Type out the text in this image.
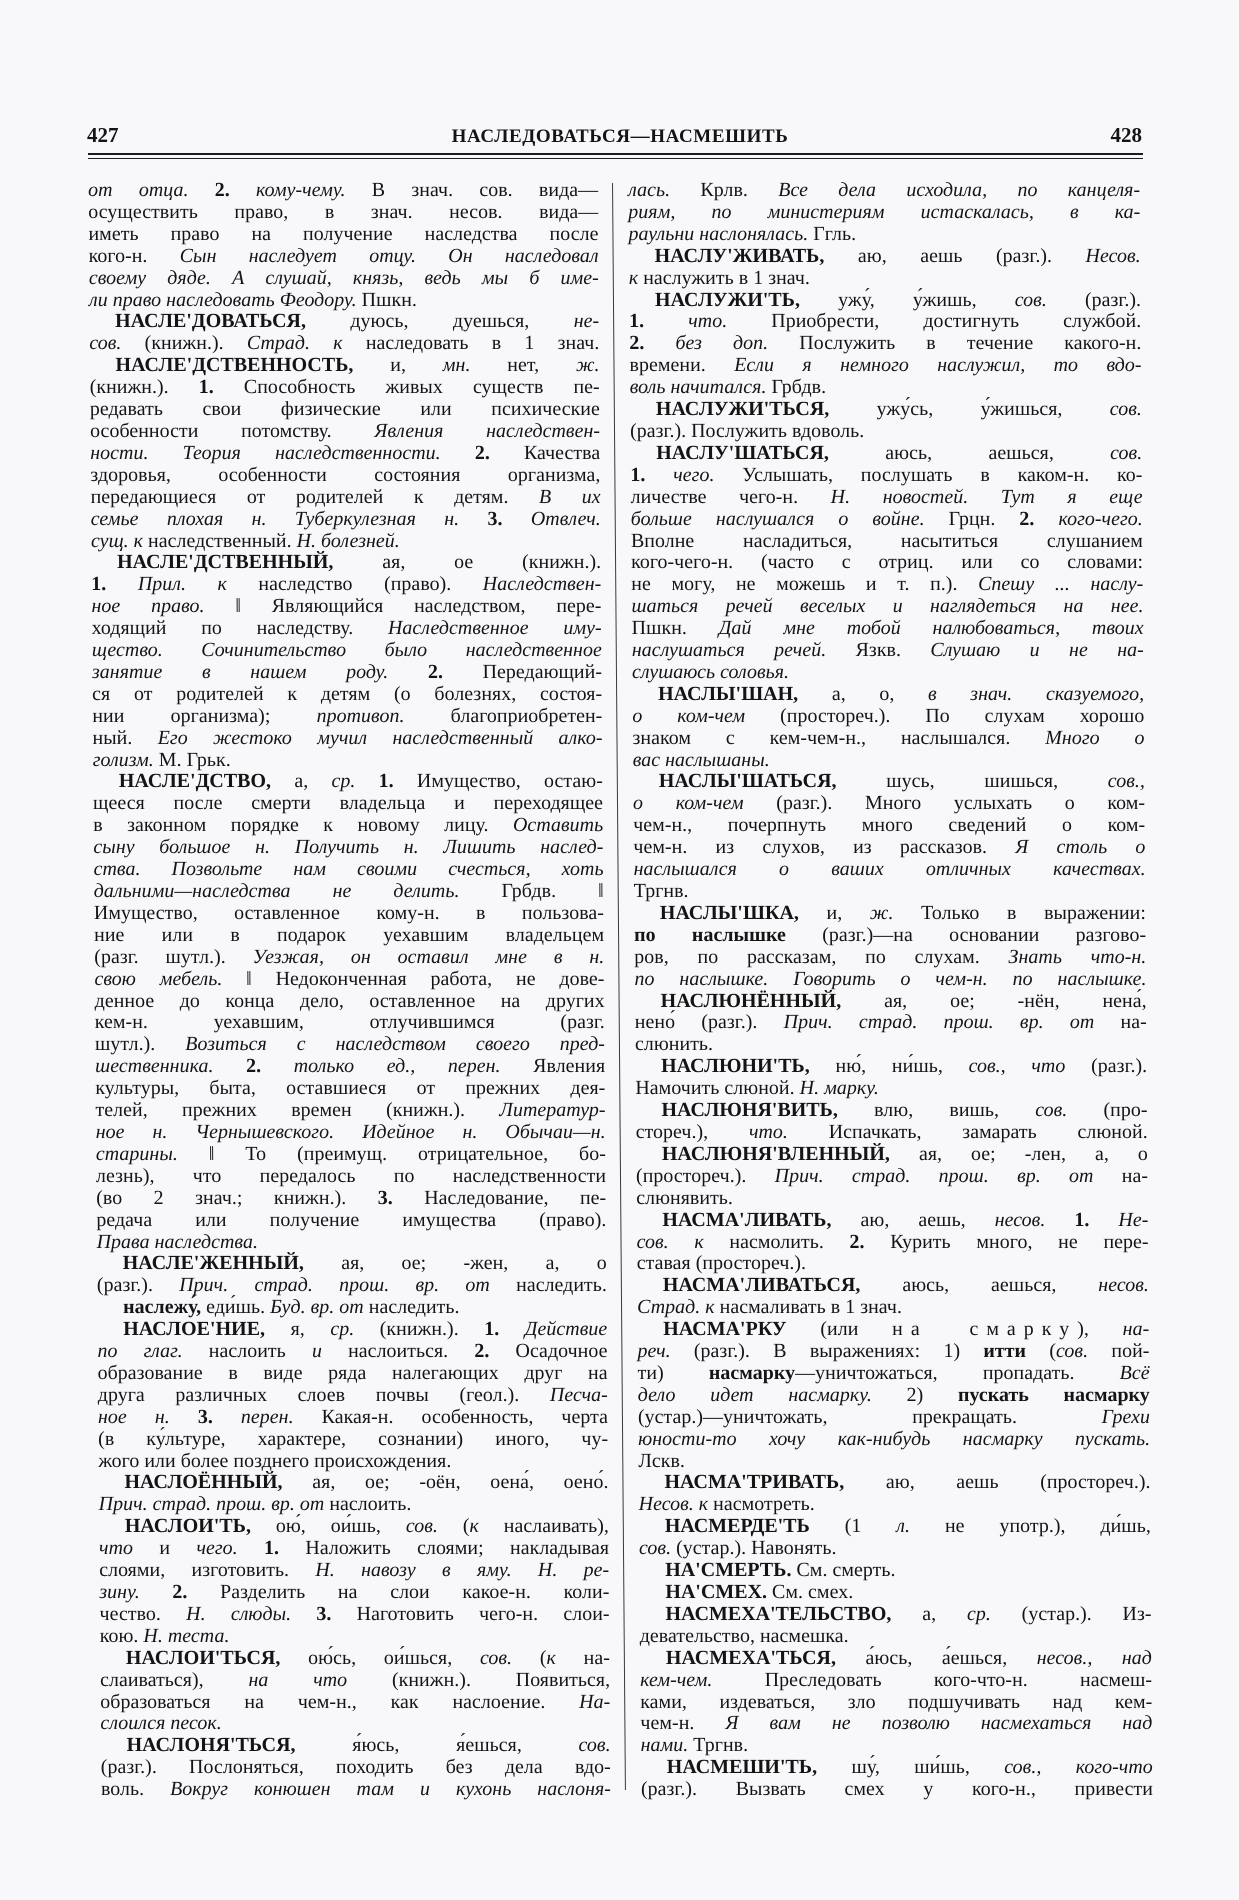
427	НАСЛЕДОВАТЬСЯ—НАСМЕШИТЬ	428
от отца. 2. кому-чему. В знач. сов. вида—
осуществить право, в знач. несов. вида—
иметь право на получение наследства после
кого-н. Сын наследует отцу. Он наследовал
своему дяде. А слушай, князь, ведь мы б име-
ли право наследовать Феодору. Пшкн.
НАСЛЕ'ДОВАТЬСЯ, дуюсь, дуешься, не-
сов. (книжн.). Страд. к наследовать в 1 знач.
НАСЛЕ'ДСТВЕННОСТЬ, и, мн. нет, ж.
(книжн.). 1. Способность живых существ пе-
редавать свои физические или психические
особенности потомству. Явления наследствен-
ности. Теория наследственности. 2. Качества
здоровья, особенности состояния организма,
передающиеся от родителей к детям. В их
семье плохая н. Туберкулезная н. 3. Отвлеч.
сущ. к наследственный. Н. болезней.
НАСЛЕ'ДСТВЕННЫЙ, ая, ое (книжн.).
1. Прил. к наследство (право). Наследствен-
ное право. ‖ Являющийся наследством, пере-
ходящий по наследству. Наследственное иму-
щество. Сочинительство было наследственное
занятие в нашем роду. 2. Передающий-
ся от родителей к детям (о болезнях, состоя-
нии организма); противоп. благоприобретен-
ный. Его жестоко мучил наследственный алко-
голизм. М. Грьк.
НАСЛЕ'ДСТВО, а, ср. 1. Имущество, остаю-
щееся после смерти владельца и переходящее
в законном порядке к новому лицу. Оставить
сыну большое н. Получить н. Лишить наслед-
ства. Позвольте нам своими счесться, хоть
дальними—наследства не делить. Грбдв. ‖
Имущество, оставленное кому-н. в пользова-
ние или в подарок уехавшим владельцем
(разг. шутл.). Уезжая, он оставил мне в н.
свою мебель. ‖ Недоконченная работа, не дове-
денное до конца дело, оставленное на других
кем-н. уехавшим, отлучившимся (разг.
шутл.). Возиться с наследством своего пред-
шественника. 2. только ед., перен. Явления
культуры, быта, оставшиеся от прежних дея-
телей, прежних времен (книжн.). Литератур-
ное н. Чернышевского. Идейное н. Обычаи—н.
старины. ‖ То (преимущ. отрицательное, бо-
лезнь), что передалось по наследственности
(во 2 знач.; книжн.). 3. Наследование, пе-
редача или получение имущества (право).
Права наследства.
НАСЛЕ'ЖЕННЫЙ, ая, ое; -жен, а, о
(разг.). Прич. страд. прош. вр. от наследить.
наслежу́, еди́шь. Буд. вр. от наследить.
НАСЛОЕ'НИЕ, я, ср. (книжн.). 1. Действие
по глаг. наслоить и наслоиться. 2. Осадочное
образование в виде ряда налегающих друг на
друга различных слоев почвы (геол.). Песча-
ное н. 3. перен. Какая-н. особенность, черта
(в ку́льтуре, характере, сознании) иного, чу-
жого или более позднего происхождения.
НАСЛОЁННЫЙ, ая, ое; -оён, оена́, оено́.
Прич. страд. прош. вр. от наслоить.
НАСЛОИ'ТЬ, ою́, ои́шь, сов. (к наслаивать),
что и чего. 1. Наложить слоями; накладывая
слоями, изготовить. Н. навозу в яму. Н. ре-
зину. 2. Разделить на слои какое-н. коли-
чество. Н. слюды. 3. Наготовить чего-н. слои-
кою. Н. теста.
НАСЛОИ'ТЬСЯ, ою́сь, ои́шься, сов. (к на-
слаиваться), на что (книжн.). Появиться,
образоваться на чем-н., как наслоение. На-
слоился песок.
НАСЛОНЯ'ТЬСЯ, я́юсь, я́ешься, сов.
(разг.). Послоняться, походить без дела вдо-
воль. Вокруг конюшен там и кухонь наслоня-
лась. Крлв. Все дела исходила, по канцеля-
риям, по министериям истаскалась, в ка-
раульни наслонялась. Ггль.
НАСЛУ'ЖИВАТЬ, аю, аешь (разг.). Несов.
к наслужить в 1 знач.
НАСЛУЖИ'ТЬ, ужу́, у́жишь, сов. (разг.).
1. что. Приобрести, достигнуть службой.
2. без доп. Послужить в течение какого-н.
времени. Если я немного наслужил, то вдо-
воль начитался. Грбдв.
НАСЛУЖИ'ТЬСЯ, ужу́сь, у́жишься, сов.
(разг.). Послужить вдоволь.
НАСЛУ'ШАТЬСЯ, аюсь, аешься, сов.
1. чего. Услышать, послушать в каком-н. ко-
личестве чего-н. Н. новостей. Тут я еще
больше наслушался о войне. Грцн. 2. кого-чего.
Вполне насладиться, насытиться слушанием
кого-чего-н. (часто с отриц. или со словами:
не могу, не можешь и т. п.). Спешу ... наслу-
шаться речей веселых и наглядеться на нее.
Пшкн. Дай мне тобой налюбоваться, твоих
наслушаться речей. Язкв. Слушаю и не на-
слушаюсь соловья.
НАСЛЫ'ШАН, а, о, в знач. сказуемого,
о ком-чем (простореч.). По слухам хорошо
знаком с кем-чем-н., наслышался. Много о
вас наслышаны.
НАСЛЫ'ШАТЬСЯ, шусь, шишься, сов.,
о ком-чем (разг.). Много услыхать о ком-
чем-н., почерпнуть много сведений о ком-
чем-н. из слухов, из рассказов. Я столь о
наслышался о ваших отличных качествах.
Тргнв.
НАСЛЫ'ШКА, и, ж. Только в выражении:
по наслышке (разг.)—на основании разгово-
ров, по рассказам, по слухам. Знать что-н.
по наслышке. Говорить о чем-н. по наслышке.
НАСЛЮНЁННЫЙ, ая, ое; -нён, нена́,
нено́ (разг.). Прич. страд. прош. вр. от на-
слюнить.
НАСЛЮНИ'ТЬ, ню́, ни́шь, сов., что (разг.).
Намочить слюной. Н. марку.
НАСЛЮНЯ'ВИТЬ, влю, вишь, сов. (про-
стореч.), что. Испачкать, замарать слюной.
НАСЛЮНЯ'ВЛЕННЫЙ, ая, ое; -лен, а, о
(простореч.). Прич. страд. прош. вр. от на-
слюнявить.
НАСМА'ЛИВАТЬ, аю, аешь, несов. 1. Не-
сов. к насмолить. 2. Курить много, не пере-
ставая (простореч.).
НАСМА'ЛИВАТЬСЯ, аюсь, аешься, несов.
Страд. к насмаливать в 1 знач.
НАСМА'РКУ (или на смарку), на-
реч. (разг.). В выражениях: 1) итти (сов. пой-
ти) насмарку—уничтожаться, пропадать. Всё
дело идет насмарку. 2) пускать насмарку
(устар.)—уничтожать, прекращать. Грехи
юности-то хочу как-нибудь насмарку пускать.
Лскв.
НАСМА'ТРИВАТЬ, аю, аешь (простореч.).
Несов. к насмотреть.
НАСМЕРДЕ'ТЬ (1 л. не употр.), ди́шь,
сов. (устар.). Навонять.
НА'СМЕРТЬ. См. смерть.
НА'СМЕХ. См. смех.
НАСМЕХА'ТЕЛЬСТВО, а, ср. (устар.). Из-
девательство, насмешка.
НАСМЕХА'ТЬСЯ, а́юсь, а́ешься, несов., над
кем-чем. Преследовать кого-что-н. насмеш-
ками, издеваться, зло подшучивать над кем-
чем-н. Я вам не позволю насмехаться над
нами. Тргнв.
НАСМЕШИ'ТЬ, шу́, ши́шь, сов., кого-что
(разг.). Вызвать смех у кого-н., привести
